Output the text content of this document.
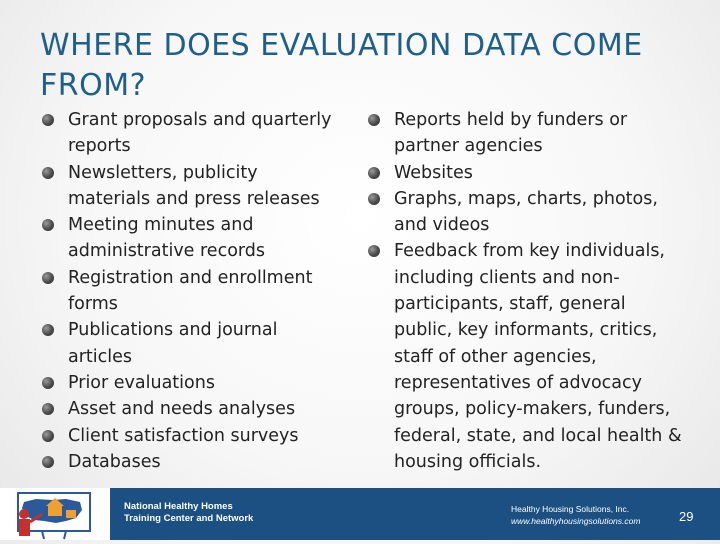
WHERE DOES EVALUATION DATA COME FROM?
Grant proposals and quarterly reports
Newsletters, publicity materials and press releases
Meeting minutes and administrative records
Registration and enrollment forms
Publications and journal articles
Prior evaluations
Asset and needs analyses
Client satisfaction surveys
Databases
Reports held by funders or partner agencies
Websites
Graphs, maps, charts, photos, and videos
Feedback from key individuals, including clients and non-participants, staff, general public, key informants, critics, staff of other agencies, representatives of advocacy groups, policy-makers, funders, federal, state, and local health & housing officials.
National Healthy Homes
Training Center and Network
Healthy Housing Solutions, Inc.
www.healthyhousingsolutions.com	29
